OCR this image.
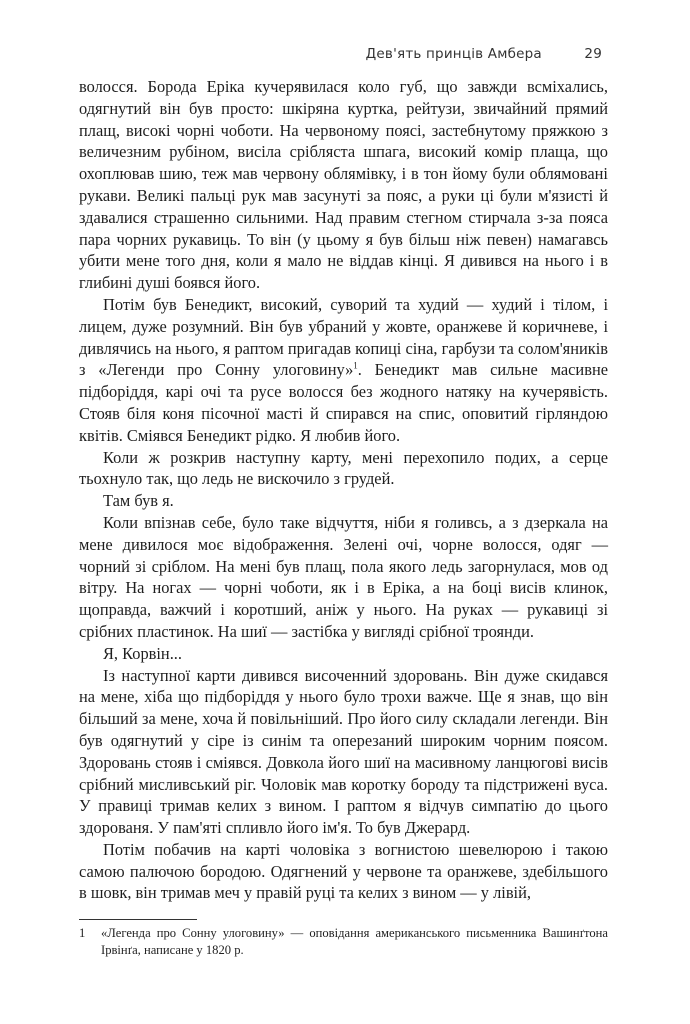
Дев'ять принців Амбера	29

волосся. Борода Еріка кучерявилася коло губ, що завжди всміхались, одягнутий він був просто: шкіряна куртка, рейтузи, звичайний прямий плащ, високі чорні чоботи. На червоному поясі, застебнутому пряжкою з величезним рубіном, висіла срібляста шпага, високий комір плаща, що охоплював шию, теж мав червону облямівку, і в тон йому були облямовані рукави. Великі пальці рук мав засунуті за пояс, а руки ці були м'язисті й здавалися страшенно сильними. Над правим стегном стирчала з-за пояса пара чорних рукавиць. То він (у цьому я був більш ніж певен) намагавсь убити мене того дня, коли я мало не віддав кінці. Я дивився на нього і в глибині душі боявся його.

Потім був Бенедикт, високий, суворий та худий — худий і тілом, і лицем, дуже розумний. Він був убраний у жовте, оранжеве й коричневе, і дивлячись на нього, я раптом пригадав копиці сіна, гарбузи та солом'яників з «Легенди про Сонну улоговину»$^1$. Бенедикт мав сильне масивне підборіддя, карі очі та русе волосся без жодного натяку на кучерявість. Стояв біля коня пісочної масті й спирався на спис, оповитий гірляндою квітів. Сміявся Бенедикт рідко. Я любив його.

Коли ж розкрив наступну карту, мені перехопило подих, а серце тьохнуло так, що ледь не вискочило з грудей.

Там був я.

Коли впізнав себе, було таке відчуття, ніби я голивсь, а з дзеркала на мене дивилося моє відображення. Зелені очі, чорне волосся, одяг — чорний зі сріблом. На мені був плащ, пола якого ледь загорнулася, мов од вітру. На ногах — чорні чоботи, як і в Еріка, а на боці висів клинок, щоправда, важчий і коротший, аніж у нього. На руках — рукавиці зі срібних пластинок. На шиї — застібка у вигляді срібної троянди.

Я, Корвін...

Із наступної карти дивився височенний здоровань. Він дуже скидався на мене, хіба що підборіддя у нього було трохи важче. Ще я знав, що він більший за мене, хоча й повільніший. Про його силу складали легенди. Він був одягнутий у сіре із синім та оперезаний широким чорним поясом. Здоровань стояв і сміявся. Довкола його шиї на масивному ланцюгові висів срібний мисливський ріг. Чоловік мав коротку бороду та підстрижені вуса. У правиці тримав келих з вином. І раптом я відчув симпатію до цього здорованя. У пам'яті спливло його ім'я. То був Джерард.

Потім побачив на карті чоловіка з вогнистою шевелюрою і такою самою палючою бородою. Одягнений у червоне та оранжеве, здебільшого в шовк, він тримав меч у правій руці та келих з вином — у лівій,

1 «Легенда про Сонну улоговину» — оповідання американського письменника Вашинґтона Ірвінґа, написане у 1820 р.
